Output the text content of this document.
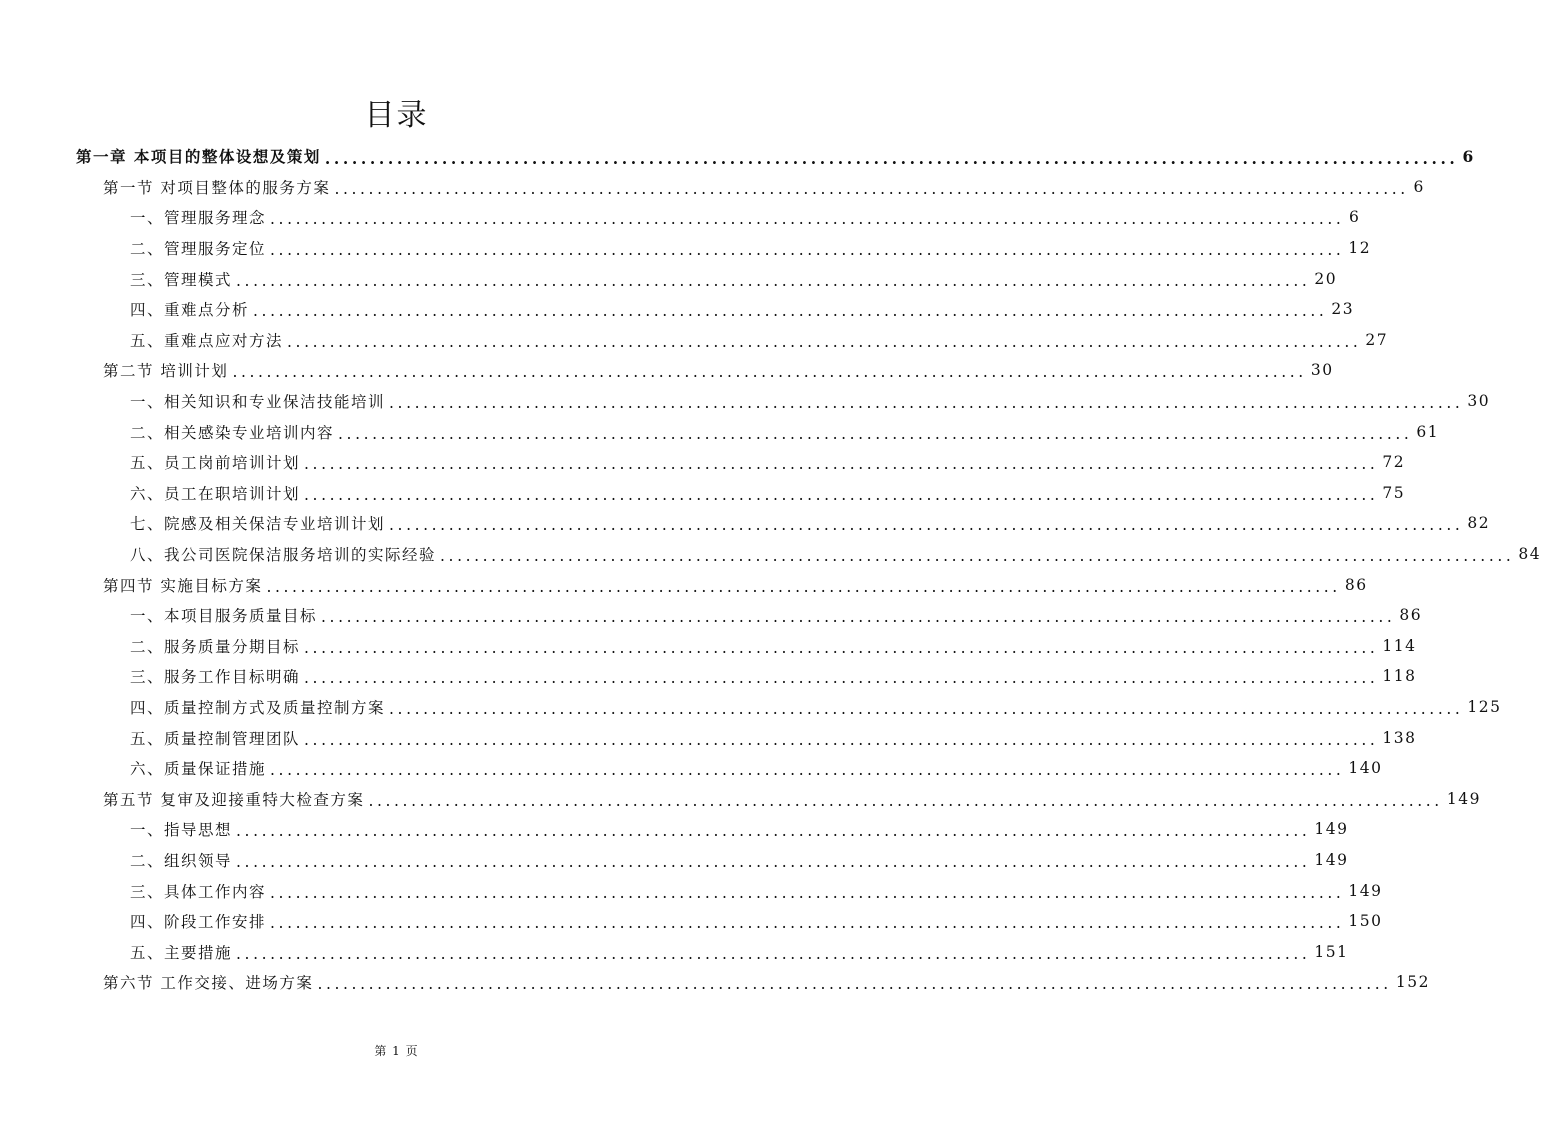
目录
第一章 本项目的整体设想及策划 .............................................................................................................................. 6
第一节 对项目整体的服务方案 .............................................................................................................................. 6
一、管理服务理念 .............................................................................................................................. 6
二、管理服务定位 .............................................................................................................................. 12
三、管理模式 .............................................................................................................................. 20
四、重难点分析 .............................................................................................................................. 23
五、重难点应对方法 .............................................................................................................................. 27
第二节 培训计划 .............................................................................................................................. 30
一、相关知识和专业保洁技能培训 .............................................................................................................................. 30
二、相关感染专业培训内容 .............................................................................................................................. 61
五、员工岗前培训计划 .............................................................................................................................. 72
六、员工在职培训计划 .............................................................................................................................. 75
七、院感及相关保洁专业培训计划 .............................................................................................................................. 82
八、我公司医院保洁服务培训的实际经验 .............................................................................................................................. 84
第四节 实施目标方案 .............................................................................................................................. 86
一、本项目服务质量目标 .............................................................................................................................. 86
二、服务质量分期目标 .............................................................................................................................. 114
三、服务工作目标明确 .............................................................................................................................. 118
四、质量控制方式及质量控制方案 .............................................................................................................................. 125
五、质量控制管理团队 .............................................................................................................................. 138
六、质量保证措施 .............................................................................................................................. 140
第五节 复审及迎接重特大检查方案 .............................................................................................................................. 149
一、指导思想 .............................................................................................................................. 149
二、组织领导 .............................................................................................................................. 149
三、具体工作内容 .............................................................................................................................. 149
四、阶段工作安排 .............................................................................................................................. 150
五、主要措施 .............................................................................................................................. 151
第六节 工作交接、进场方案 .............................................................................................................................. 152
第 1 页
